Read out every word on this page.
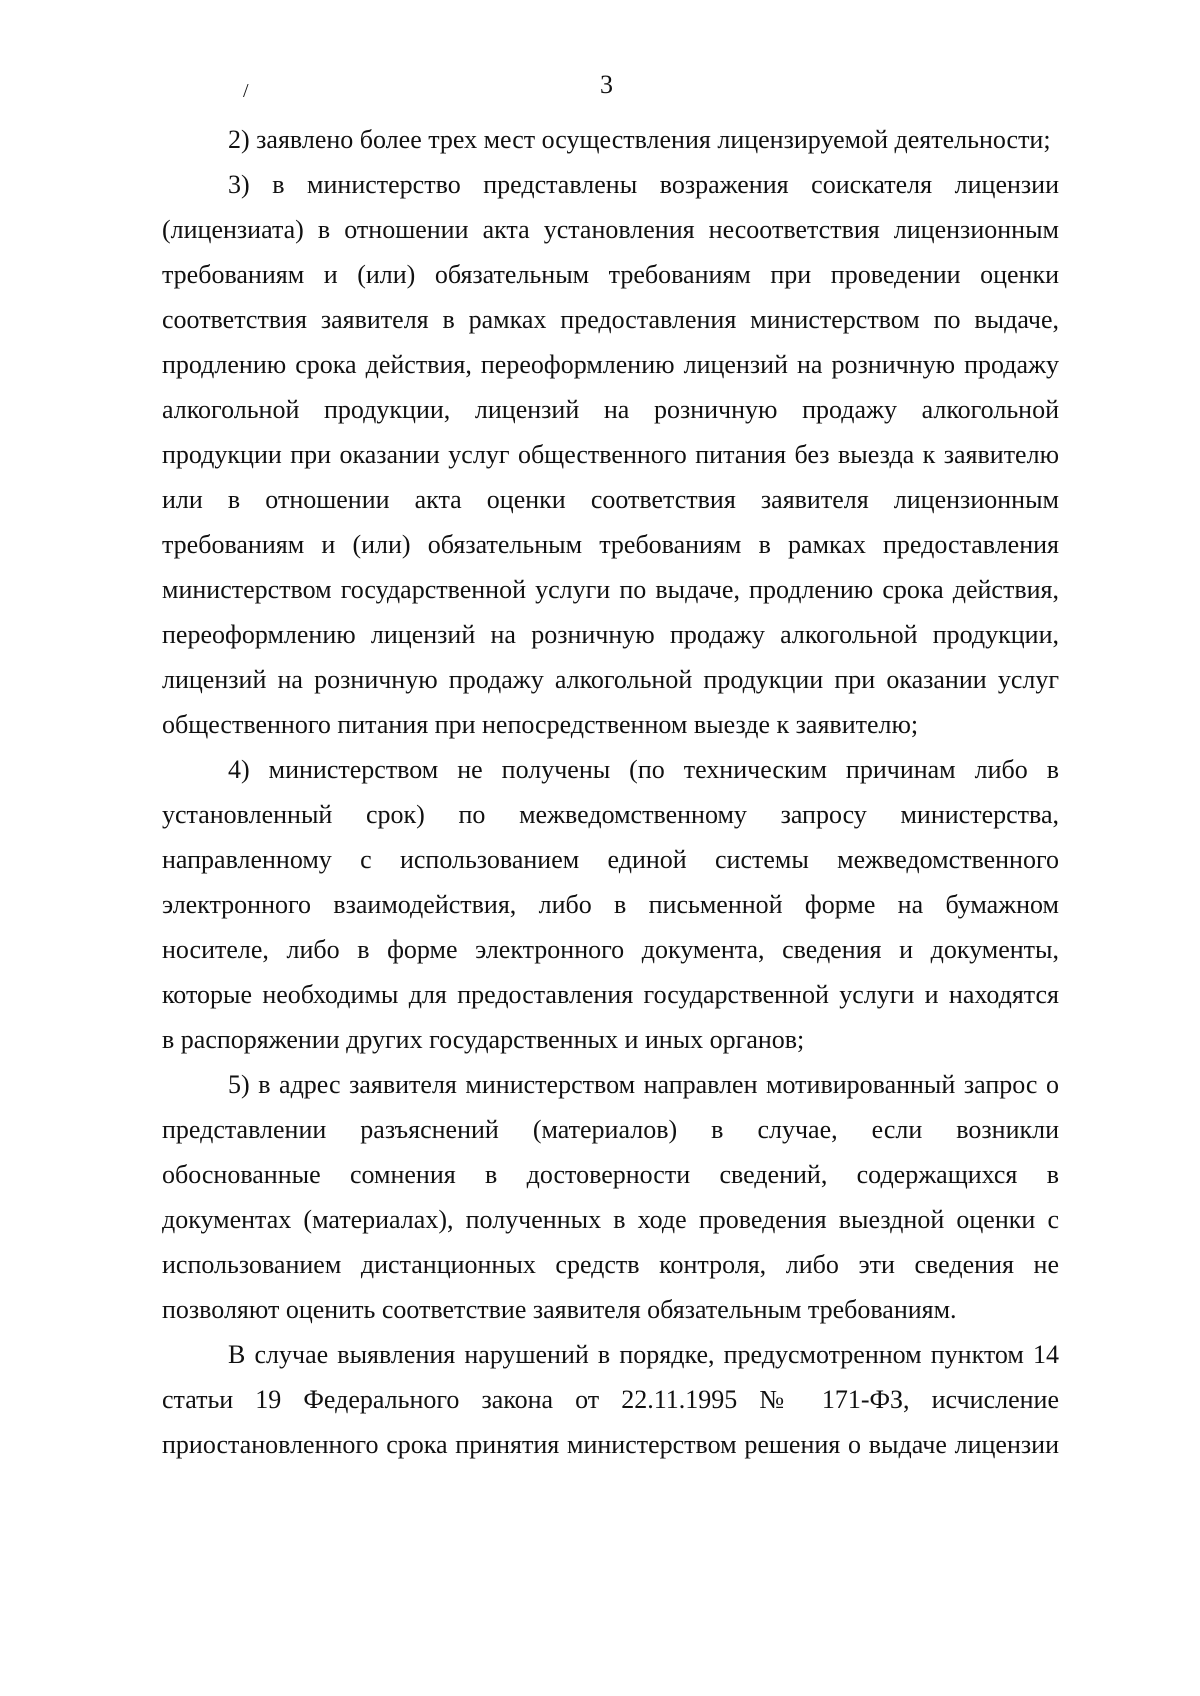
/	3
2) заявлено более трех мест осуществления лицензируемой деятельности;
3) в министерство представлены возражения соискателя лицензии
(лицензиата) в отношении акта установления несоответствия лицензионным
требованиям и (или) обязательным требованиям при проведении оценки
соответствия заявителя в рамках предоставления министерством по выдаче,
продлению срока действия, переоформлению лицензий на розничную продажу
алкогольной продукции, лицензий на розничную продажу алкогольной
продукции при оказании услуг общественного питания без выезда к заявителю
или в отношении акта оценки соответствия заявителя лицензионным
требованиям и (или) обязательным требованиям в рамках предоставления
министерством государственной услуги по выдаче, продлению срока действия,
переоформлению лицензий на розничную продажу алкогольной продукции,
лицензий на розничную продажу алкогольной продукции при оказании услуг
общественного питания при непосредственном выезде к заявителю;
4) министерством не получены (по техническим причинам либо в
установленный срок) по межведомственному запросу министерства,
направленному с использованием единой системы межведомственного
электронного взаимодействия, либо в письменной форме на бумажном
носителе, либо в форме электронного документа, сведения и документы,
которые необходимы для предоставления государственной услуги и находятся
в распоряжении других государственных и иных органов;
5) в адрес заявителя министерством направлен мотивированный запрос о
представлении разъяснений (материалов) в случае, если возникли
обоснованные сомнения в достоверности сведений, содержащихся в
документах (материалах), полученных в ходе проведения выездной оценки с
использованием дистанционных средств контроля, либо эти сведения не
позволяют оценить соответствие заявителя обязательным требованиям.
В случае выявления нарушений в порядке, предусмотренном пунктом 14
статьи 19 Федерального закона от 22.11.1995 № 171-ФЗ, исчисление
приостановленного срока принятия министерством решения о выдаче лицензии
